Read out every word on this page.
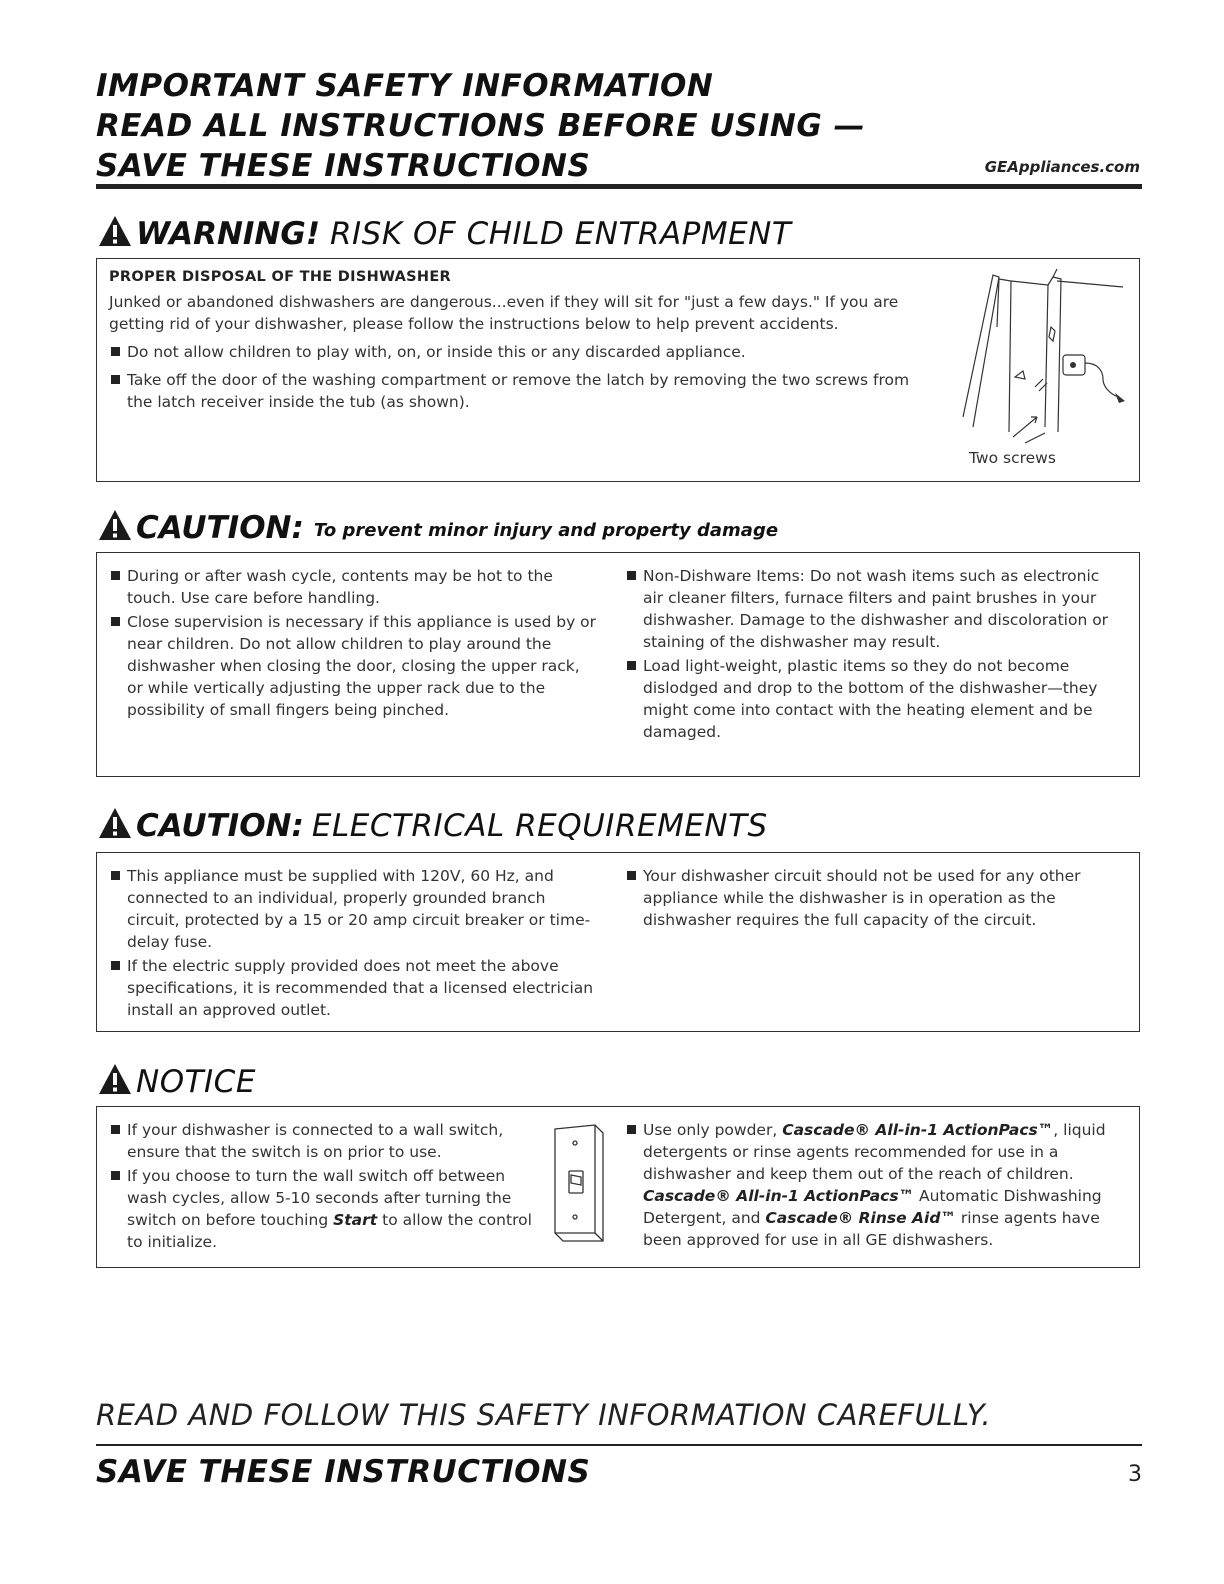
IMPORTANT SAFETY INFORMATION
READ ALL INSTRUCTIONS BEFORE USING —
SAVE THESE INSTRUCTIONS	GEAppliances.com
WARNING! RISK OF CHILD ENTRAPMENT
PROPER DISPOSAL OF THE DISHWASHER
Junked or abandoned dishwashers are dangerous...even if they will sit for "just a few days." If you are getting rid of your dishwasher, please follow the instructions below to help prevent accidents.
Do not allow children to play with, on, or inside this or any discarded appliance.
Take off the door of the washing compartment or remove the latch by removing the two screws from the latch receiver inside the tub (as shown).
Two screws
CAUTION: To prevent minor injury and property damage
During or after wash cycle, contents may be hot to the touch. Use care before handling.
Close supervision is necessary if this appliance is used by or near children. Do not allow children to play around the dishwasher when closing the door, closing the upper rack, or while vertically adjusting the upper rack due to the possibility of small fingers being pinched.
Non-Dishware Items: Do not wash items such as electronic air cleaner filters, furnace filters and paint brushes in your dishwasher. Damage to the dishwasher and discoloration or staining of the dishwasher may result.
Load light-weight, plastic items so they do not become dislodged and drop to the bottom of the dishwasher—they might come into contact with the heating element and be damaged.
CAUTION: ELECTRICAL REQUIREMENTS
This appliance must be supplied with 120V, 60 Hz, and connected to an individual, properly grounded branch circuit, protected by a 15 or 20 amp circuit breaker or time-delay fuse.
If the electric supply provided does not meet the above specifications, it is recommended that a licensed electrician install an approved outlet.
Your dishwasher circuit should not be used for any other appliance while the dishwasher is in operation as the dishwasher requires the full capacity of the circuit.
NOTICE
If your dishwasher is connected to a wall switch, ensure that the switch is on prior to use.
If you choose to turn the wall switch off between wash cycles, allow 5-10 seconds after turning the switch on before touching Start to allow the control to initialize.
Use only powder, Cascade® All-in-1 ActionPacs™, liquid detergents or rinse agents recommended for use in a dishwasher and keep them out of the reach of children. Cascade® All-in-1 ActionPacs™ Automatic Dishwashing Detergent, and Cascade® Rinse Aid™ rinse agents have been approved for use in all GE dishwashers.
READ AND FOLLOW THIS SAFETY INFORMATION CAREFULLY.
SAVE THESE INSTRUCTIONS	3
